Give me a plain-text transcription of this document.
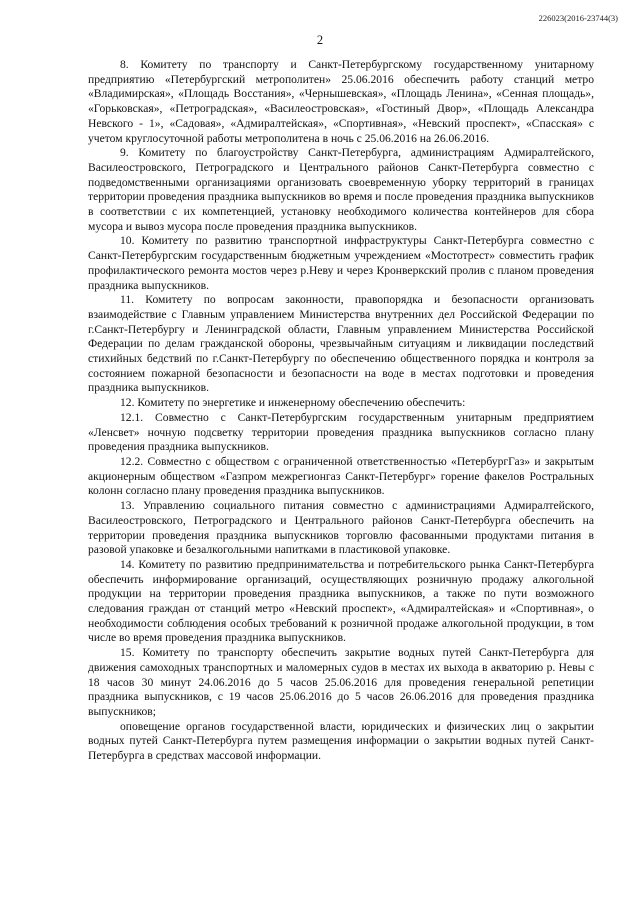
226023(2016-23744(3)
2

8. Комитету по транспорту и Санкт-Петербургскому государственному унитарному предприятию «Петербургский метрополитен» 25.06.2016 обеспечить работу станций метро «Владимирская», «Площадь Восстания», «Чернышевская», «Площадь Ленина», «Сенная площадь», «Горьковская», «Петроградская», «Василеостровская», «Гостиный Двор», «Площадь Александра Невского - 1», «Садовая», «Адмиралтейская», «Спортивная», «Невский проспект», «Спасская» с учетом круглосуточной работы метрополитена в ночь с 25.06.2016 на 26.06.2016.

9. Комитету по благоустройству Санкт-Петербурга, администрациям Адмиралтейского, Василеостровского, Петроградского и Центрального районов Санкт-Петербурга совместно с подведомственными организациями организовать своевременную уборку территорий в границах территории проведения праздника выпускников во время и после проведения праздника выпускников в соответствии с их компетенцией, установку необходимого количества контейнеров для сбора мусора и вывоз мусора после проведения праздника выпускников.

10. Комитету по развитию транспортной инфраструктуры Санкт-Петербурга совместно с Санкт-Петербургским государственным бюджетным учреждением «Мостотрест» совместить график профилактического ремонта мостов через р.Неву и через Кронверкский пролив с планом проведения праздника выпускников.

11. Комитету по вопросам законности, правопорядка и безопасности организовать взаимодействие с Главным управлением Министерства внутренних дел Российской Федерации по г.Санкт-Петербургу и Ленинградской области, Главным управлением Министерства Российской Федерации по делам гражданской обороны, чрезвычайным ситуациям и ликвидации последствий стихийных бедствий по г.Санкт-Петербургу по обеспечению общественного порядка и контроля за состоянием пожарной безопасности и безопасности на воде в местах подготовки и проведения праздника выпускников.

12. Комитету по энергетике и инженерному обеспечению обеспечить:

12.1. Совместно с Санкт-Петербургским государственным унитарным предприятием «Ленсвет» ночную подсветку территории проведения праздника выпускников согласно плану проведения праздника выпускников.

12.2. Совместно с обществом с ограниченной ответственностью «ПетербургГаз» и закрытым акционерным обществом «Газпром межрегионгаз Санкт-Петербург» горение факелов Ростральных колонн согласно плану проведения праздника выпускников.

13. Управлению социального питания совместно с администрациями Адмиралтейского, Василеостровского, Петроградского и Центрального районов Санкт-Петербурга обеспечить на территории проведения праздника выпускников торговлю фасованными продуктами питания в разовой упаковке и безалкогольными напитками в пластиковой упаковке.

14. Комитету по развитию предпринимательства и потребительского рынка Санкт-Петербурга обеспечить информирование организаций, осуществляющих розничную продажу алкогольной продукции на территории проведения праздника выпускников, а также по пути возможного следования граждан от станций метро «Невский проспект», «Адмиралтейская» и «Спортивная», о необходимости соблюдения особых требований к розничной продаже алкогольной продукции, в том числе во время проведения праздника выпускников.

15. Комитету по транспорту обеспечить закрытие водных путей Санкт-Петербурга для движения самоходных транспортных и маломерных судов в местах их выхода в акваторию р. Невы с 18 часов 30 минут 24.06.2016 до 5 часов 25.06.2016 для проведения генеральной репетиции праздника выпускников, с 19 часов 25.06.2016 до 5 часов 26.06.2016 для проведения праздника выпускников;

оповещение органов государственной власти, юридических и физических лиц о закрытии водных путей Санкт-Петербурга путем размещения информации о закрытии водных путей Санкт-Петербурга в средствах массовой информации.
